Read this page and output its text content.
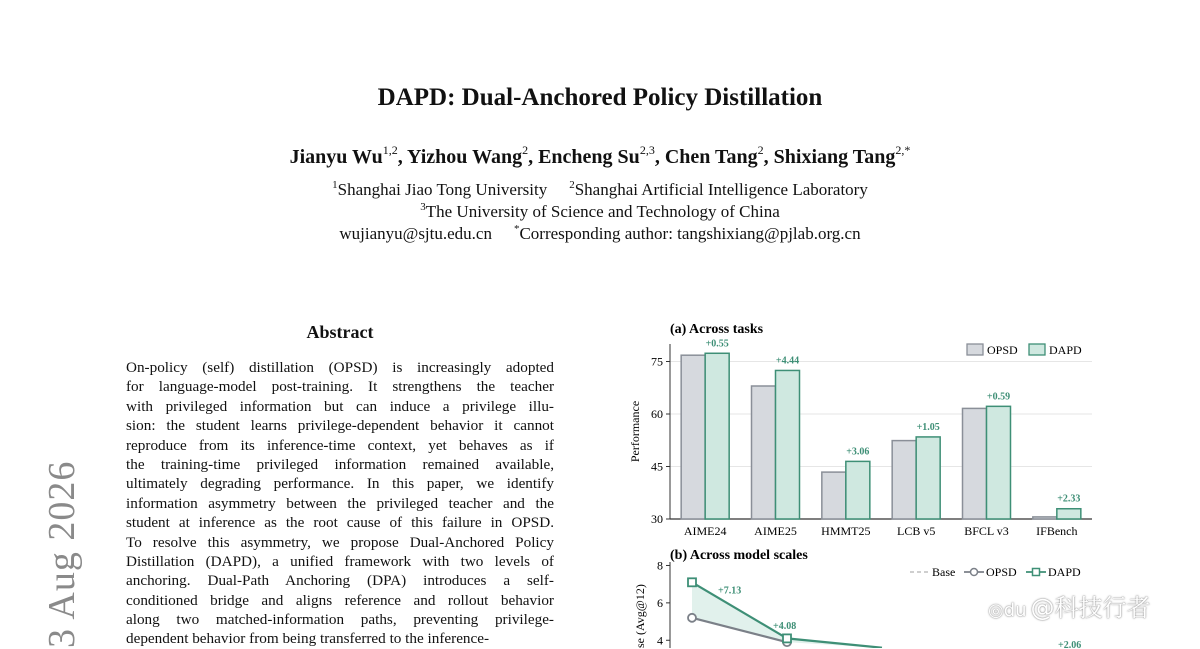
DAPD: Dual-Anchored Policy Distillation
Jianyu Wu$^{1,2}$, Yizhou Wang$^2$, Encheng Su$^{2,3}$, Chen Tang$^2$, Shixiang Tang$^{2,*}$
$^1$Shanghai Jiao Tong University $^2$Shanghai Artificial Intelligence Laboratory
$^3$The University of Science and Technology of China
wujianyu@sjtu.edu.cn *Corresponding author: tangshixiang@pjlab.org.cn
3 Aug 2026
Abstract
On-policy (self) distillation (OPSD) is increasingly adopted
for language-model post-training. It strengthens the teacher
with privileged information but can induce a privilege illu-
sion: the student learns privilege-dependent behavior it cannot
reproduce from its inference-time context, yet behaves as if
the training-time privileged information remained available,
ultimately degrading performance. In this paper, we identify
information asymmetry between the privileged teacher and the
student at inference as the root cause of this failure in OPSD.
To resolve this asymmetry, we propose Dual-Anchored Policy
Distillation (DAPD), a unified framework with two levels of
anchoring. Dual-Path Anchoring (DPA) introduces a self-
conditioned bridge and aligns reference and rollout behavior
along two matched-information paths, preventing privilege-
dependent behavior from being transferred to the inference-
(a) Across tasks
30
45
60
75
Performance
+0.55
AIME24
+4.44
AIME25
+3.06
HMMT25
+1.05
LCB v5
+0.59
BFCL v3
+2.33
IFBench
OPSD	DAPD
(b) Across model scales
4
6
8
se (Avg@12)	+7.13
+4.08
+2.06
Base	OPSD	DAPD
◎du @科技行者
